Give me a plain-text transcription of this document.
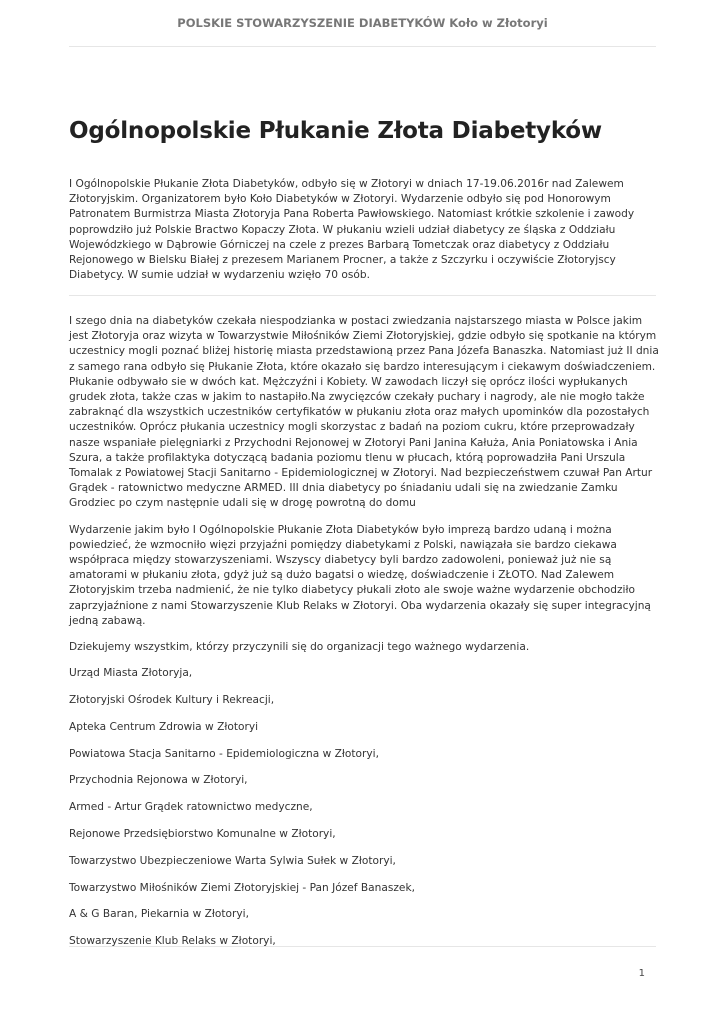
POLSKIE STOWARZYSZENIE DIABETYKÓW Koło w Złotoryi
Ogólnopolskie Płukanie Złota Diabetyków
I Ogólnopolskie Płukanie Złota Diabetyków, odbyło się w Złotoryi w dniach 17-19.06.2016r nad Zalewem Złotoryjskim. Organizatorem było Koło Diabetyków w Złotoryi. Wydarzenie odbyło się pod Honorowym Patronatem Burmistrza Miasta Złotoryja Pana Roberta Pawłowskiego. Natomiast krótkie szkolenie i zawody poprowdziło już Polskie Bractwo Kopaczy Złota. W płukaniu wzieli udział diabetycy ze śląska z Oddziału Wojewódzkiego w Dąbrowie Górniczej na czele z prezes Barbarą Tometczak oraz diabetycy z Oddziału Rejonowego w Bielsku Białej z prezesem Marianem Procner, a także z Szczyrku i oczywiście Złotoryjscy Diabetycy. W sumie udział w wydarzeniu wzięło 70 osób.

I szego dnia na diabetyków czekała niespodzianka w postaci zwiedzania najstarszego miasta w Polsce jakim jest Złotoryja oraz wizyta w Towarzystwie Miłośników Ziemi Złotoryjskiej, gdzie odbyło się spotkanie na którym uczestnicy mogli poznać bliżej historię miasta przedstawioną przez Pana Józefa Banaszka. Natomiast już II dnia z samego rana odbyło się Płukanie Złota, które okazało się bardzo interesującym i ciekawym doświadczeniem. Płukanie odbywało sie w dwóch kat. Mężczyźni i Kobiety. W zawodach liczył się oprócz ilości wypłukanych grudek złota, także czas w jakim to nastapiło.Na zwycięzców czekały puchary i nagrody, ale nie mogło także zabraknąć dla wszystkich uczestników certyfikatów w płukaniu złota oraz małych upominków dla pozostałych uczestników. Oprócz płukania uczestnicy mogli skorzystac z badań na poziom cukru, które przeprowadzały nasze wspaniałe pielęgniarki z Przychodni Rejonowej w Złotoryi Pani Janina Kałuża, Ania Poniatowska i Ania Szura, a także profilaktyka dotyczącą badania poziomu tlenu w płucach, którą poprowadziła Pani Urszula Tomalak z Powiatowej Stacji Sanitarno - Epidemiologicznej w Złotoryi. Nad bezpieczeństwem czuwał Pan Artur Grądek - ratownictwo medyczne ARMED. III dnia diabetycy po śniadaniu udali się na zwiedzanie Zamku Grodziec po czym następnie udali się w drogę powrotną do domu

Wydarzenie jakim było I Ogólnopolskie Płukanie Złota Diabetyków było imprezą bardzo udaną i można powiedzieć, że wzmocniło więzi przyjaźni pomiędzy diabetykami z Polski, nawiązała sie bardzo ciekawa współpraca między stowarzyszeniami. Wszyscy diabetycy byli bardzo zadowoleni, ponieważ już nie są amatorami w płukaniu złota, gdyż już są dużo bagatsi o wiedzę, doświadczenie i ZŁOTO. Nad Zalewem Złotoryjskim trzeba nadmienić, że nie tylko diabetycy płukali złoto ale swoje ważne wydarzenie obchodziło zaprzyjaźnione z nami Stowarzyszenie Klub Relaks w Złotoryi. Oba wydarzenia okazały się super integracyjną jedną zabawą.

Dziekujemy wszystkim, którzy przyczynili się do organizacji tego ważnego wydarzenia.

Urząd Miasta Złotoryja,
Złotoryjski Ośrodek Kultury i Rekreacji,
Apteka Centrum Zdrowia w Złotoryi
Powiatowa Stacja Sanitarno - Epidemiologiczna w Złotoryi,
Przychodnia Rejonowa w Złotoryi,
Armed - Artur Grądek ratownictwo medyczne,
Rejonowe Przedsiębiorstwo Komunalne w Złotoryi,
Towarzystwo Ubezpieczeniowe Warta Sylwia Sułek w Złotoryi,
Towarzystwo Miłośników Ziemi Złotoryjskiej - Pan Józef Banaszek,
A & G Baran, Piekarnia w Złotoryi,
Stowarzyszenie Klub Relaks w Złotoryi,
1
